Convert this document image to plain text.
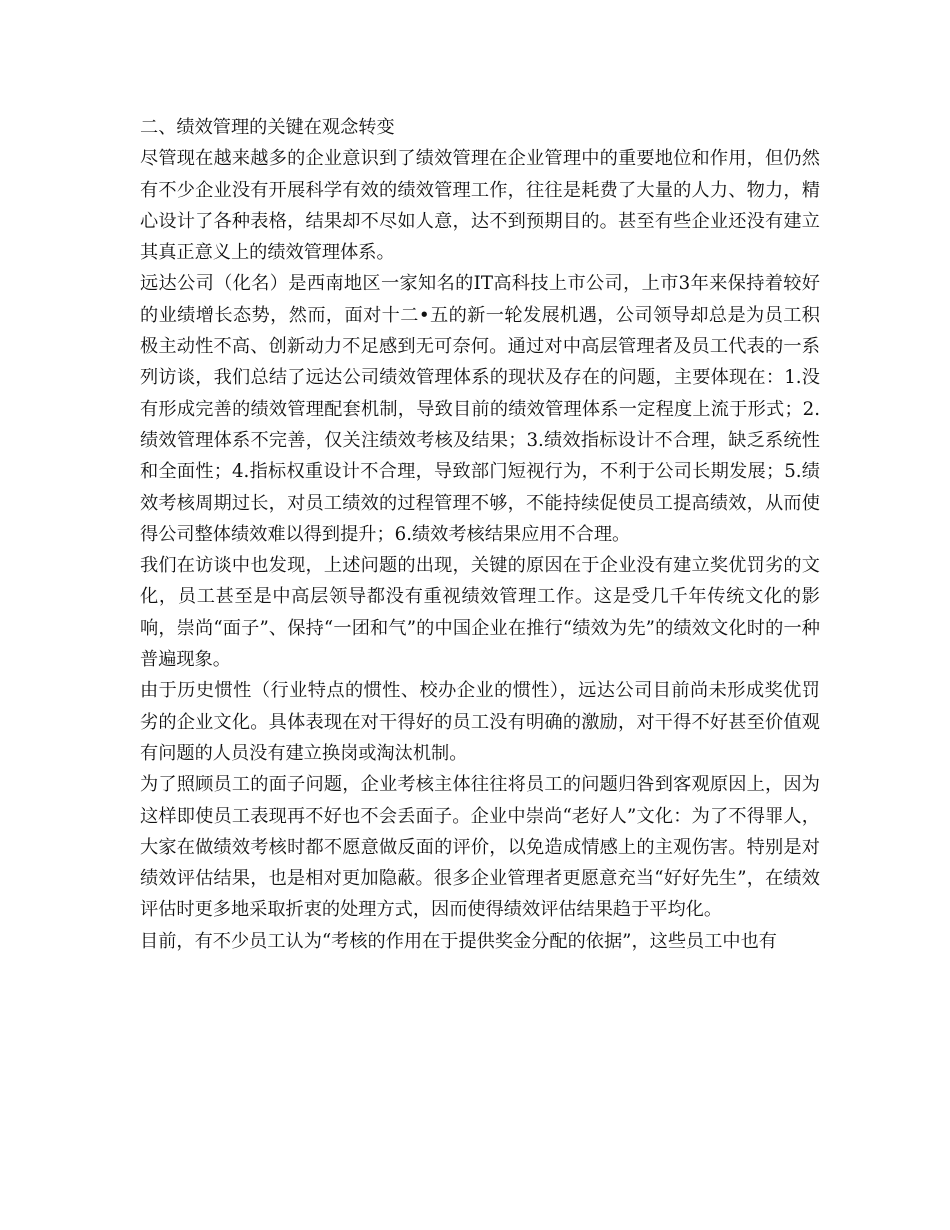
二、绩效管理的关键在观念转变

尽管现在越来越多的企业意识到了绩效管理在企业管理中的重要地位和作用，但仍然有不少企业没有开展科学有效的绩效管理工作，往往是耗费了大量的人力、物力，精心设计了各种表格，结果却不尽如人意，达不到预期目的。甚至有些企业还没有建立其真正意义上的绩效管理体系。

远达公司（化名）是西南地区一家知名的IT高科技上市公司，上市3年来保持着较好的业绩增长态势，然而，面对十二•五的新一轮发展机遇，公司领导却总是为员工积极主动性不高、创新动力不足感到无可奈何。通过对中高层管理者及员工代表的一系列访谈，我们总结了远达公司绩效管理体系的现状及存在的问题，主要体现在：1.没有形成完善的绩效管理配套机制，导致目前的绩效管理体系一定程度上流于形式；2.绩效管理体系不完善，仅关注绩效考核及结果；3.绩效指标设计不合理，缺乏系统性和全面性；4.指标权重设计不合理，导致部门短视行为，不利于公司长期发展；5.绩效考核周期过长，对员工绩效的过程管理不够，不能持续促使员工提高绩效，从而使得公司整体绩效难以得到提升；6.绩效考核结果应用不合理。

我们在访谈中也发现，上述问题的出现，关键的原因在于企业没有建立奖优罚劣的文化，员工甚至是中高层领导都没有重视绩效管理工作。这是受几千年传统文化的影响，崇尚“面子”、保持“一团和气”的中国企业在推行“绩效为先”的绩效文化时的一种普遍现象。

由于历史惯性（行业特点的惯性、校办企业的惯性），远达公司目前尚未形成奖优罚劣的企业文化。具体表现在对干得好的员工没有明确的激励，对干得不好甚至价值观有问题的人员没有建立换岗或淘汰机制。

为了照顾员工的面子问题，企业考核主体往往将员工的问题归咎到客观原因上，因为这样即使员工表现再不好也不会丢面子。企业中崇尚“老好人”文化：为了不得罪人，大家在做绩效考核时都不愿意做反面的评价，以免造成情感上的主观伤害。特别是对绩效评估结果，也是相对更加隐蔽。很多企业管理者更愿意充当“好好先生”，在绩效评估时更多地采取折衷的处理方式，因而使得绩效评估结果趋于平均化。

目前，有不少员工认为“考核的作用在于提供奖金分配的依据”，这些员工中也有
